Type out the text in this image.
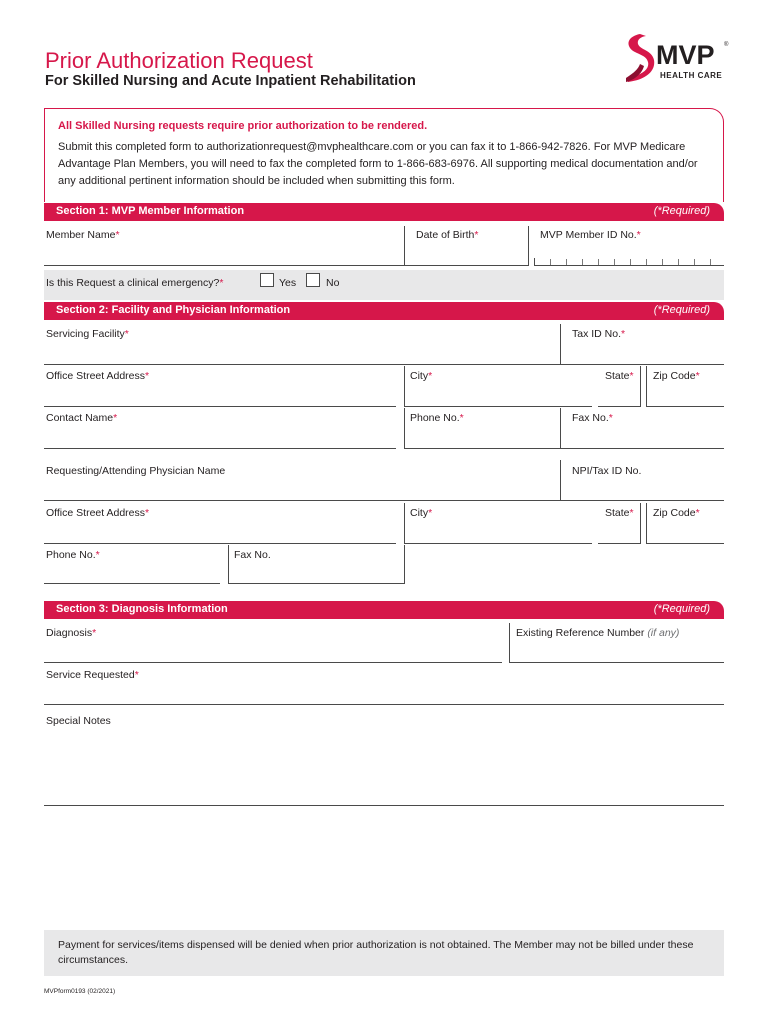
Prior Authorization Request
For Skilled Nursing and Acute Inpatient Rehabilitation
MVP ®
HEALTH CARE
All Skilled Nursing requests require prior authorization to be rendered.
Submit this completed form to authorizationrequest@mvphealthcare.com or you can fax it to 1-866-942-7826. For MVP Medicare Advantage Plan Members, you will need to fax the completed form to 1-866-683-6976. All supporting medical documentation and/or any additional pertinent information should be included when submitting this form.
Section 1: MVP Member Information	(*Required)
Member Name*	Date of Birth*	MVP Member ID No.*
Is this Request a clinical emergency?*	Yes	No
Section 2: Facility and Physician Information	(*Required)
Servicing Facility*	Tax ID No.*
Office Street Address*	City*	State* Zip Code*
Contact Name*	Phone No.*	Fax No.*
Requesting/Attending Physician Name	NPI/Tax ID No.
Office Street Address*	City*	State* Zip Code*
Phone No.*	Fax No.
Section 3: Diagnosis Information	(*Required)
Diagnosis*	Existing Reference Number (if any)
Service Requested*
Special Notes
Payment for services/items dispensed will be denied when prior authorization is not obtained. The Member may not be billed under these circumstances.
MVPform0193 (02/2021)
